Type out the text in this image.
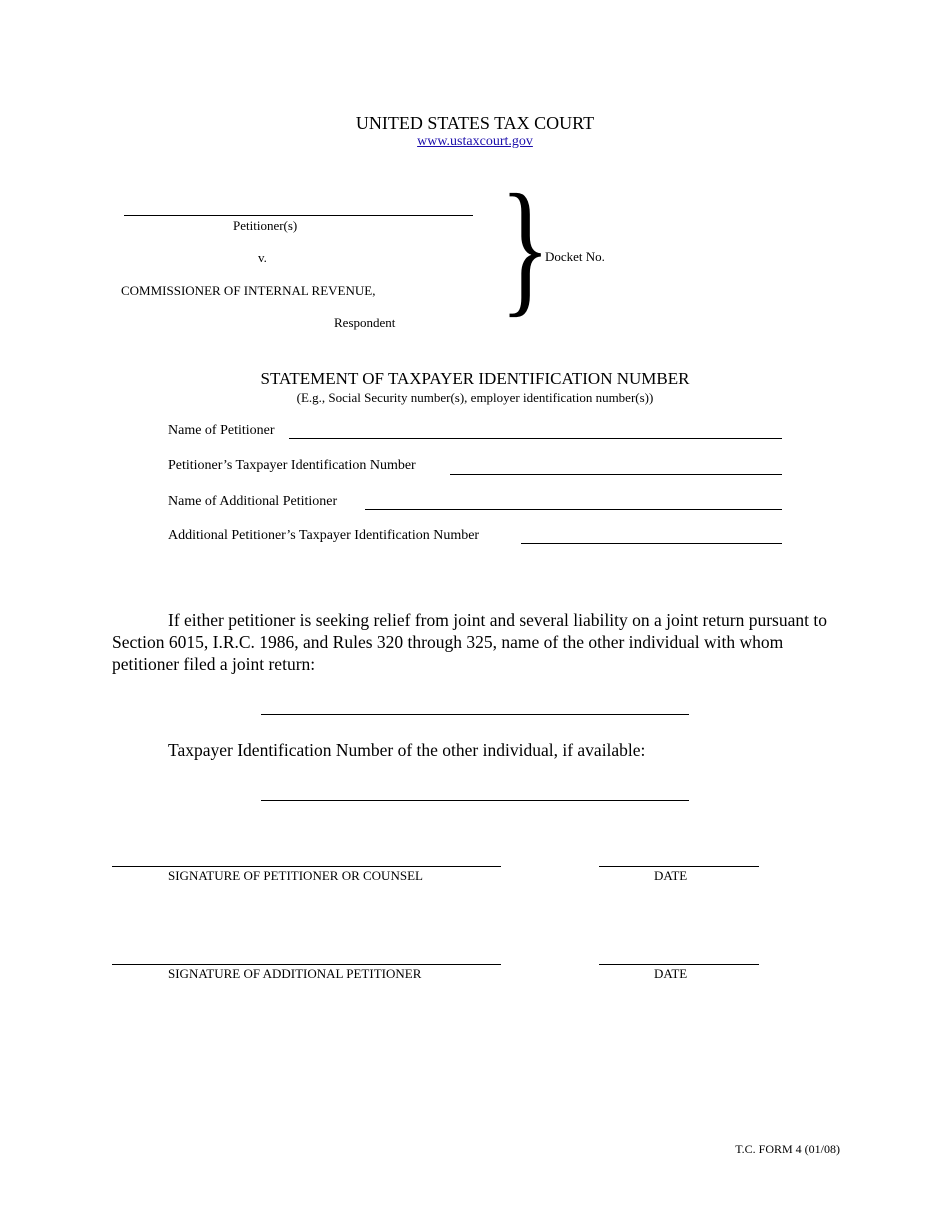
UNITED STATES TAX COURT
www.ustaxcourt.gov
Petitioner(s)
v.
COMMISSIONER OF INTERNAL REVENUE,
Respondent }
Docket No.
STATEMENT OF TAXPAYER IDENTIFICATION NUMBER
(E.g., Social Security number(s), employer identification number(s))
Name of Petitioner
Petitioner’s Taxpayer Identification Number
Name of Additional Petitioner
Additional Petitioner’s Taxpayer Identification Number
If either petitioner is seeking relief from joint and several liability on a joint return pursuant to Section 6015, I.R.C. 1986, and Rules 320 through 325, name of the other individual with whom petitioner filed a joint return:
Taxpayer Identification Number of the other individual, if available:
SIGNATURE OF PETITIONER OR COUNSEL	DATE
SIGNATURE OF ADDITIONAL PETITIONER	DATE
T.C. FORM 4 (01/08)
